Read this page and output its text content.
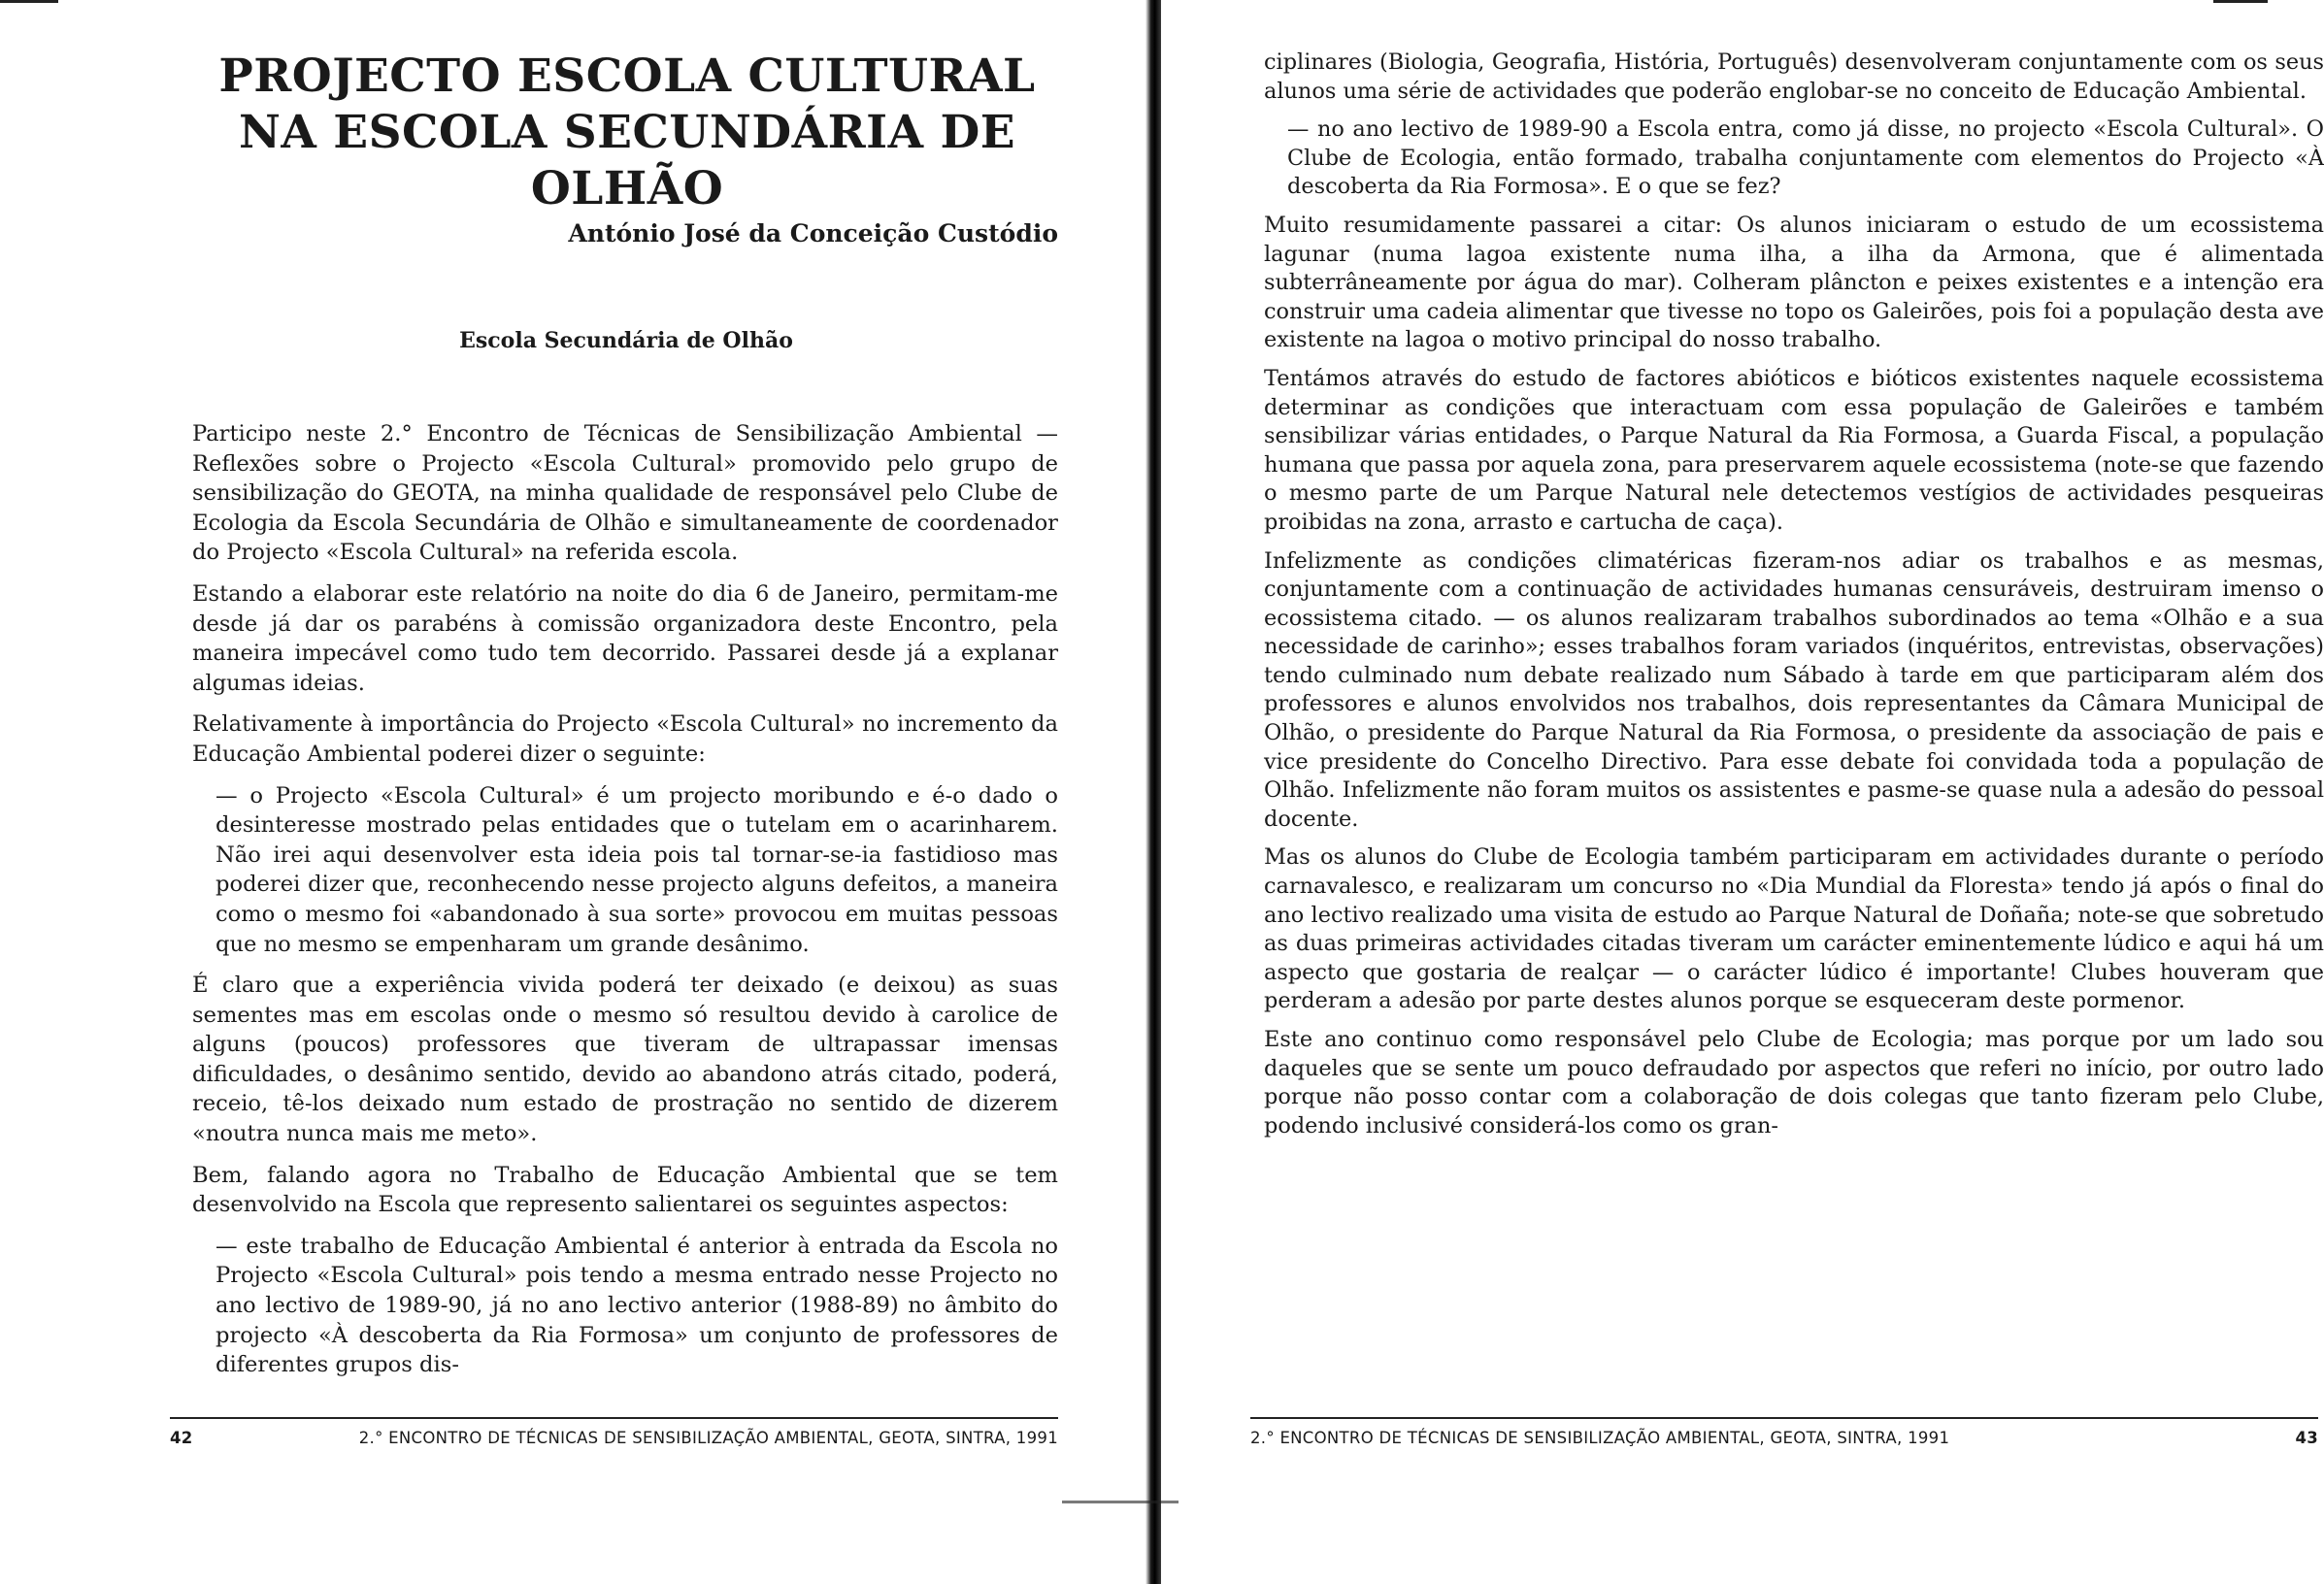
PROJECTO ESCOLA CULTURAL NA ESCOLA SECUNDÁRIA DE OLHÃO

António José da Conceição Custódio

Escola Secundária de Olhão

Participo neste 2.° Encontro de Técnicas de Sensibilização Ambiental — Reflexões sobre o Projecto «Escola Cultural» promovido pelo grupo de sensibilização do GEOTA, na minha qualidade de responsável pelo Clube de Ecologia da Escola Secundária de Olhão e simultaneamente de coordenador do Projecto «Escola Cultural» na referida escola.

Estando a elaborar este relatório na noite do dia 6 de Janeiro, permitam-me desde já dar os parabéns à comissão organizadora deste Encontro, pela maneira impecável como tudo tem decorrido. Passarei desde já a explanar algumas ideias.

Relativamente à importância do Projecto «Escola Cultural» no incremento da Educação Ambiental poderei dizer o seguinte:

— o Projecto «Escola Cultural» é um projecto moribundo e é-o dado o desinteresse mostrado pelas entidades que o tutelam em o acarinharem. Não irei aqui desenvolver esta ideia pois tal tornar-se-ia fastidioso mas poderei dizer que, reconhecendo nesse projecto alguns defeitos, a maneira como o mesmo foi «abandonado à sua sorte» provocou em muitas pessoas que no mesmo se empenharam um grande desânimo.

É claro que a experiência vivida poderá ter deixado (e deixou) as suas sementes mas em escolas onde o mesmo só resultou devido à carolice de alguns (poucos) professores que tiveram de ultrapassar imensas dificuldades, o desânimo sentido, devido ao abandono atrás citado, poderá, receio, tê-los deixado num estado de prostração no sentido de dizerem «noutra nunca mais me meto».

Bem, falando agora no Trabalho de Educação Ambiental que se tem desenvolvido na Escola que represento salientarei os seguintes aspectos:

— este trabalho de Educação Ambiental é anterior à entrada da Escola no Projecto «Escola Cultural» pois tendo a mesma entrado nesse Projecto no ano lectivo de 1989-90, já no ano lectivo anterior (1988-89) no âmbito do projecto «À descoberta da Ria Formosa» um conjunto de professores de diferentes grupos dis-

42	2.° ENCONTRO DE TÉCNICAS DE SENSIBILIZAÇÃO AMBIENTAL, GEOTA, SINTRA, 1991

ciplinares (Biologia, Geografia, História, Português) desenvolveram conjuntamente com os seus alunos uma série de actividades que poderão englobar-se no conceito de Educação Ambiental.

— no ano lectivo de 1989-90 a Escola entra, como já disse, no projecto «Escola Cultural». O Clube de Ecologia, então formado, trabalha conjuntamente com elementos do Projecto «À descoberta da Ria Formosa». E o que se fez?

Muito resumidamente passarei a citar: Os alunos iniciaram o estudo de um ecossistema lagunar (numa lagoa existente numa ilha, a ilha da Armona, que é alimentada subterrâneamente por água do mar). Colheram plâncton e peixes existentes e a intenção era construir uma cadeia alimentar que tivesse no topo os Galeirões, pois foi a população desta ave existente na lagoa o motivo principal do nosso trabalho.

Tentámos através do estudo de factores abióticos e bióticos existentes naquele ecossistema determinar as condições que interactuam com essa população de Galeirões e também sensibilizar várias entidades, o Parque Natural da Ria Formosa, a Guarda Fiscal, a população humana que passa por aquela zona, para preservarem aquele ecossistema (note-se que fazendo o mesmo parte de um Parque Natural nele detectemos vestígios de actividades pesqueiras proibidas na zona, arrasto e cartucha de caça).

Infelizmente as condições climatéricas fizeram-nos adiar os trabalhos e as mesmas, conjuntamente com a continuação de actividades humanas censuráveis, destruiram imenso o ecossistema citado. — os alunos realizaram trabalhos subordinados ao tema «Olhão e a sua necessidade de carinho»; esses trabalhos foram variados (inquéritos, entrevistas, observações) tendo culminado num debate realizado num Sábado à tarde em que participaram além dos professores e alunos envolvidos nos trabalhos, dois representantes da Câmara Municipal de Olhão, o presidente do Parque Natural da Ria Formosa, o presidente da associação de pais e vice presidente do Concelho Directivo. Para esse debate foi convidada toda a população de Olhão. Infelizmente não foram muitos os assistentes e pasme-se quase nula a adesão do pessoal docente.

Mas os alunos do Clube de Ecologia também participaram em actividades durante o período carnavalesco, e realizaram um concurso no «Dia Mundial da Floresta» tendo já após o final do ano lectivo realizado uma visita de estudo ao Parque Natural de Doñaña; note-se que sobretudo as duas primeiras actividades citadas tiveram um carácter eminentemente lúdico e aqui há um aspecto que gostaria de realçar — o carácter lúdico é importante! Clubes houveram que perderam a adesão por parte destes alunos porque se esqueceram deste pormenor.

Este ano continuo como responsável pelo Clube de Ecologia; mas porque por um lado sou daqueles que se sente um pouco defraudado por aspectos que referi no início, por outro lado porque não posso contar com a colaboração de dois colegas que tanto fizeram pelo Clube, podendo inclusivé considerá-los como os gran-

2.° ENCONTRO DE TÉCNICAS DE SENSIBILIZAÇÃO AMBIENTAL, GEOTA, SINTRA, 1991	43
